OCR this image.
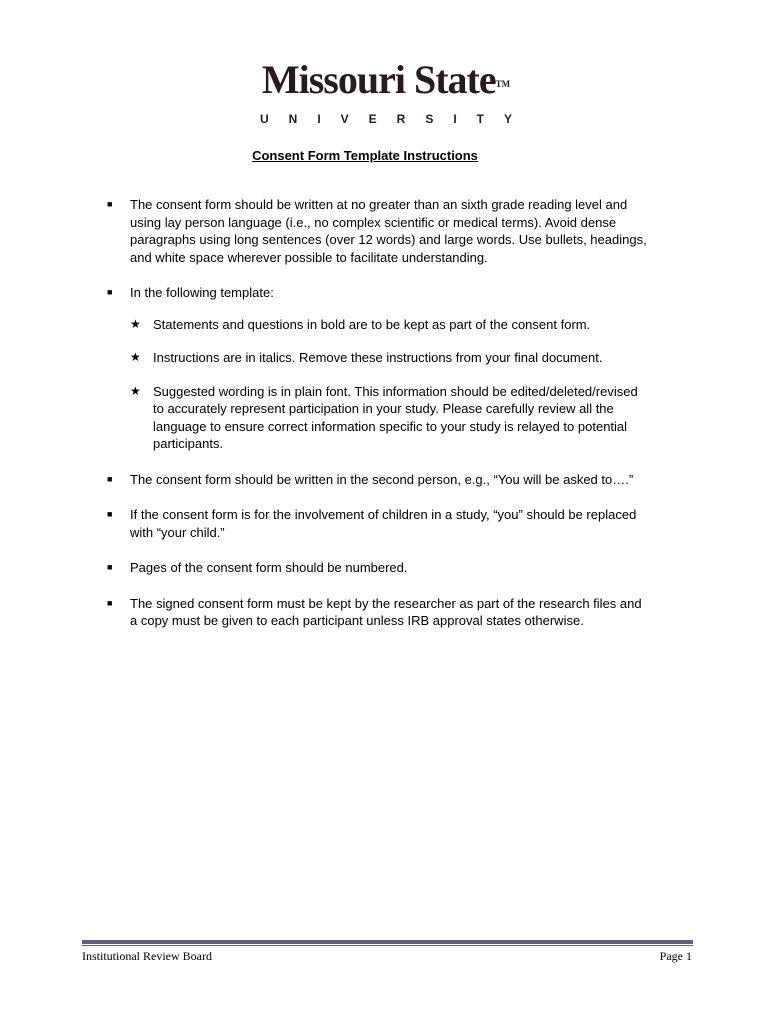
Missouri StateTM
UNIVERSITY
Consent Form Template Instructions
■ The consent form should be written at no greater than an sixth grade reading level and using lay person language (i.e., no complex scientific or medical terms). Avoid dense paragraphs using long sentences (over 12 words) and large words. Use bullets, headings, and white space wherever possible to facilitate understanding.
■ In the following template:
★ Statements and questions in bold are to be kept as part of the consent form.
★ Instructions are in italics. Remove these instructions from your final document.
★ Suggested wording is in plain font. This information should be edited/deleted/revised to accurately represent participation in your study. Please carefully review all the language to ensure correct information specific to your study is relayed to potential participants.
■ The consent form should be written in the second person, e.g., “You will be asked to….”
■ If the consent form is for the involvement of children in a study, “you” should be replaced with “your child.”
■ Pages of the consent form should be numbered.
■ The signed consent form must be kept by the researcher as part of the research files and a copy must be given to each participant unless IRB approval states otherwise.
Institutional Review Board	Page 1
